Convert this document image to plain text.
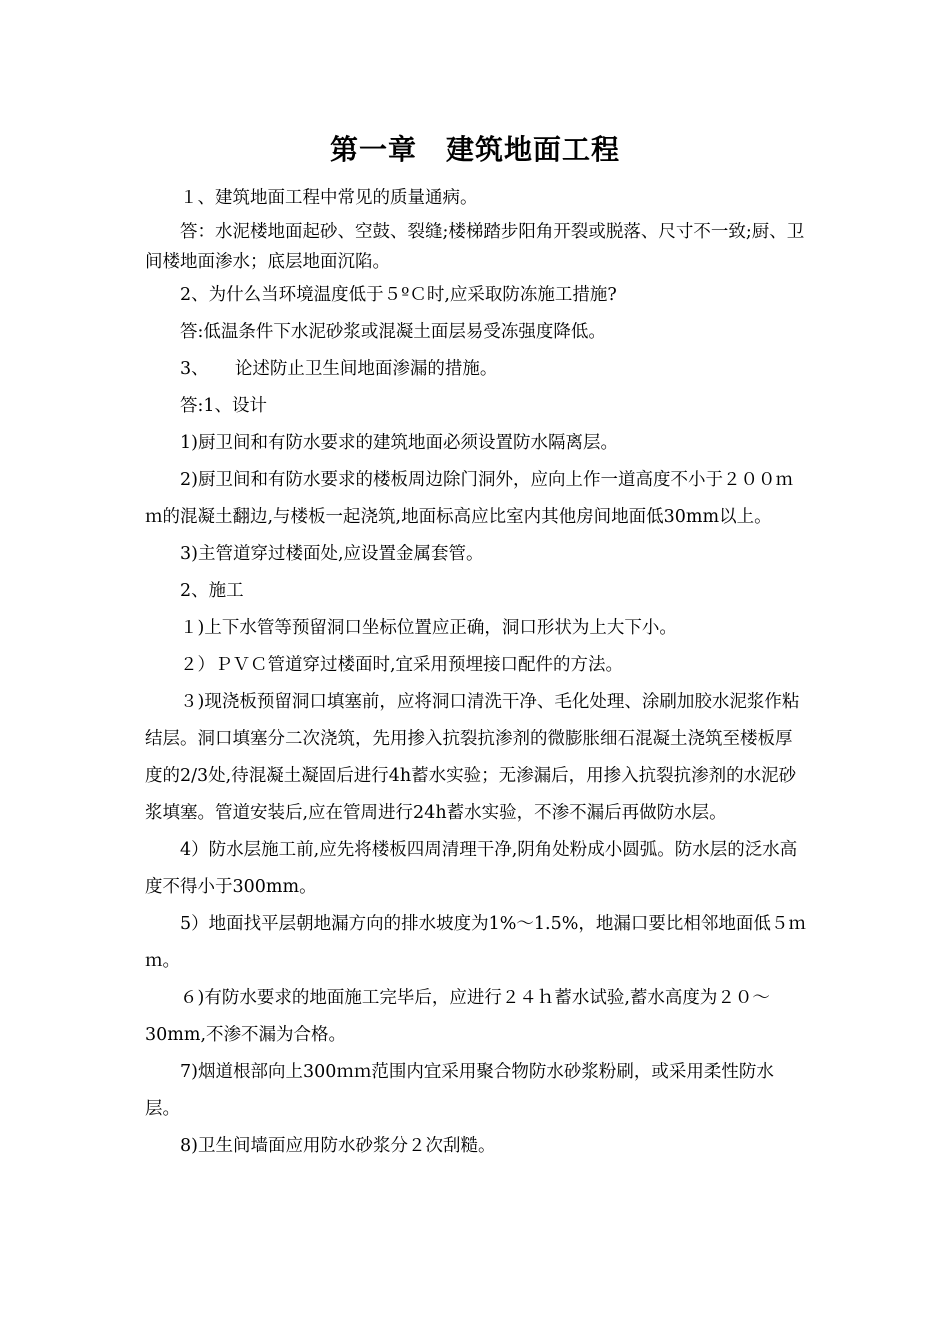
第一章　建筑地面工程

１、建筑地面工程中常见的质量通病。

答：水泥楼地面起砂、空鼓、裂缝;楼梯踏步阳角开裂或脱落、尺寸不一致;厨、卫间楼地面渗水；底层地面沉陷。

2、为什么当环境温度低于５ºＣ时,应采取防冻施工措施?

答:低温条件下水泥砂浆或混凝土面层易受冻强度降低。

3、　　论述防止卫生间地面渗漏的措施。

答:1、设计

1)厨卫间和有防水要求的建筑地面必须设置防水隔离层。

2)厨卫间和有防水要求的楼板周边除门洞外，应向上作一道高度不小于２００ｍｍ的混凝土翻边,与楼板一起浇筑,地面标高应比室内其他房间地面低30mm以上。

3)主管道穿过楼面处,应设置金属套管。

2、施工

１)上下水管等预留洞口坐标位置应正确，洞口形状为上大下小。

２）ＰＶＣ管道穿过楼面时,宜采用预埋接口配件的方法。

３)现浇板预留洞口填塞前，应将洞口清洗干净、毛化处理、涂刷加胶水泥浆作粘结层。洞口填塞分二次浇筑，先用掺入抗裂抗渗剂的微膨胀细石混凝土浇筑至楼板厚度的2/3处,待混凝土凝固后进行4h蓄水实验；无渗漏后，用掺入抗裂抗渗剂的水泥砂浆填塞。管道安装后,应在管周进行24h蓄水实验，不渗不漏后再做防水层。

4）防水层施工前,应先将楼板四周清理干净,阴角处粉成小圆弧。防水层的泛水高度不得小于300mm。

5）地面找平层朝地漏方向的排水坡度为1%～1.5%，地漏口要比相邻地面低５ｍｍ。

６)有防水要求的地面施工完毕后，应进行２４ｈ蓄水试验,蓄水高度为２０～30mm,不渗不漏为合格。

7)烟道根部向上300ｍｍ范围内宜采用聚合物防水砂浆粉刷，或采用柔性防水层。

8)卫生间墙面应用防水砂浆分２次刮糙。
